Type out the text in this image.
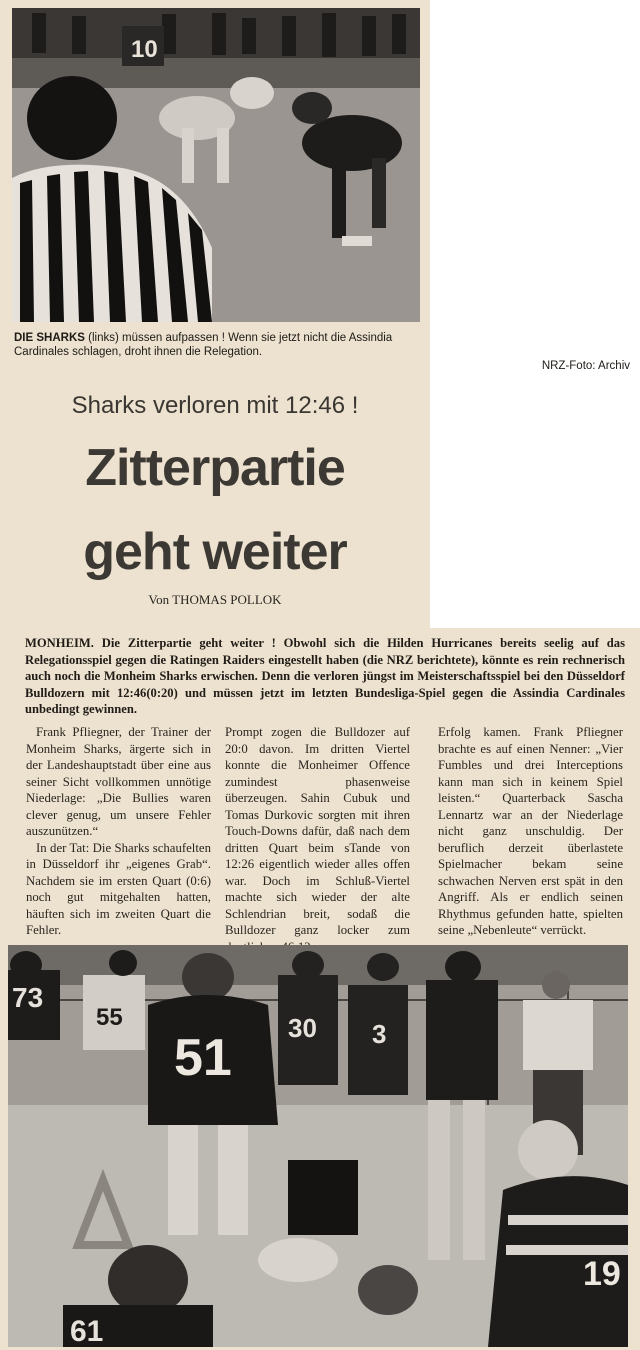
10
DIE SHARKS (links) müssen aufpassen ! Wenn sie jetzt nicht die Assindia Cardinales schlagen, droht ihnen die Relegation.
NRZ-Foto: Archiv
Sharks verloren mit 12:46 !
Zitterpartie
geht weiter
Von THOMAS POLLOK
MONHEIM. Die Zitterpartie geht weiter ! Obwohl sich die Hilden Hurricanes bereits seelig auf das Relegationsspiel gegen die Ratingen Raiders eingestellt haben (die NRZ berichtete), könnte es rein rechnerisch auch noch die Monheim Sharks erwischen. Denn die verloren jüngst im Meisterschaftsspiel bei den Düsseldorf Bulldozern mit 12:46(0:20) und müssen jetzt im letzten Bundesliga-Spiel gegen die Assindia Cardinales unbedingt gewinnen.

Frank Pfliegner, der Trainer der Monheim Sharks, ärgerte sich in der Landeshauptstadt über eine aus seiner Sicht vollkommen unnötige Niederlage: „Die Bullies waren clever genug, um unsere Fehler auszunützen.“

In der Tat: Die Sharks schaufelten in Düsseldorf ihr „eigenes Grab“. Nachdem sie im ersten Quart (0:6) noch gut mitgehalten hatten, häuften sich im zweiten Quart die Fehler.

Prompt zogen die Bulldozer auf 20:0 davon. Im dritten Viertel konnte die Monheimer Offence zumindest phasenweise überzeugen. Sahin Cubuk und Tomas Durkovic sorgten mit ihren Touch-Downs dafür, daß nach dem dritten Quart beim sTande von 12:26 eigentlich wieder alles offen war. Doch im Schluß-Viertel machte sich wieder der alte Schlendrian breit, sodaß die Bulldozer ganz locker zum

Erfolg kamen. Frank Pfliegner brachte es auf einen Nenner: „Vier Fumbles und drei Interceptions kann man sich in keinem Spiel leisten.“ Quarterback Sascha Lennartz war an der Niederlage nicht ganz unschuldig. Der beruflich derzeit überlastete Spielmacher bekam seine schwachen Nerven erst spät in den Angriff. Als er endlich seinen Rhythmus gefunden hatte, spielten seine „Nebenleute“ verrückt.

73
55
51
30 3
61
19
